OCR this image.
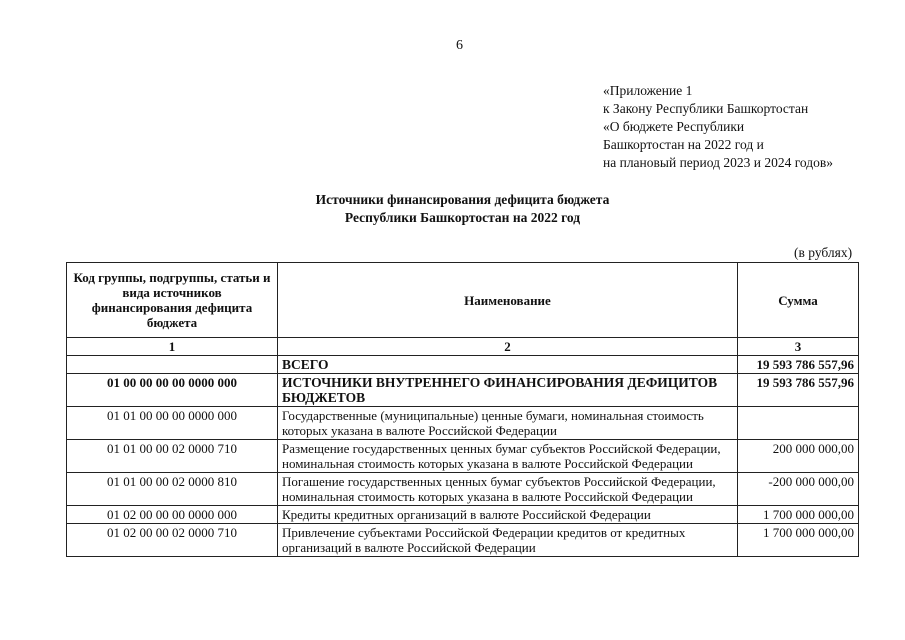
6
«Приложение 1
к Закону Республики Башкортостан
«О бюджете Республики
Башкортостан на 2022 год и
на плановый период 2023 и 2024 годов»
Источники финансирования дефицита бюджета
Республики Башкортостан на 2022 год
(в рублях)
Код группы, подгруппы, статьи и вида источников финансирования дефицита бюджета	Наименование	Сумма
1	2	3
	ВСЕГО	19 593 786 557,96
01 00 00 00 00 0000 000	ИСТОЧНИКИ ВНУТРЕННЕГО ФИНАНСИРОВАНИЯ ДЕФИЦИТОВ БЮДЖЕТОВ	19 593 786 557,96
01 01 00 00 00 0000 000	Государственные (муниципальные) ценные бумаги, номинальная стоимость которых указана в валюте Российской Федерации	
01 01 00 00 02 0000 710	Размещение государственных ценных бумаг субъектов Российской Федерации, номинальная стоимость которых указана в валюте Российской Федерации	200 000 000,00
01 01 00 00 02 0000 810	Погашение государственных ценных бумаг субъектов Российской Федерации, номинальная стоимость которых указана в валюте Российской Федерации	-200 000 000,00
01 02 00 00 00 0000 000	Кредиты кредитных организаций в валюте Российской Федерации	1 700 000 000,00
01 02 00 00 02 0000 710	Привлечение субъектами Российской Федерации кредитов от кредитных организаций в валюте Российской Федерации	1 700 000 000,00
